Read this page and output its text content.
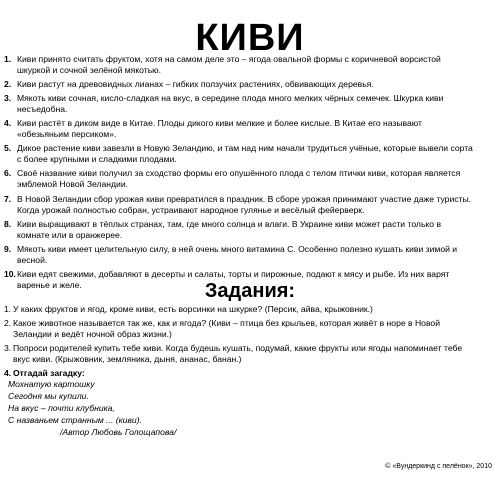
КИВИ
1. Киви принято считать фруктом, хотя на самом деле это – ягода овальной формы с коричневой ворсистой шкуркой и сочной зелёной мякотью.
2. Киви растут на древовидных лианах – гибких ползучих растениях, обвивающих деревья.
3. Мякоть киви сочная, кисло-сладкая на вкус, в середине плода много мелких чёрных семечек. Шкурка киви несъедобна.
4. Киви растёт в диком виде в Китае. Плоды дикого киви мелкие и более кислые. В Китае его называют «обезьяньим персиком».
5. Дикое растение киви завезли в Новую Зеландию, и там над ним начали трудиться учёные, которые вывели сорта с более крупными и сладкими плодами.
6. Своё название киви получил за сходство формы его опушённого плода с телом птички киви, которая является эмблемой Новой Зеландии.
7. В Новой Зеландии сбор урожая киви превратился в праздник. В сборе урожая принимают участие даже туристы. Когда урожай полностью собран, устраивают народное гулянье и весёлый фейерверк.
8. Киви выращивают в тёплых странах, там, где много солнца и влаги. В Украине киви может расти только в комнате или в оранжерее.
9. Мякоть киви имеет целительную силу, в ней очень много витамина С. Особенно полезно кушать киви зимой и весной.
10. Киви едят свежими, добавляют в десерты и салаты, торты и пирожные, подают к мясу и рыбе. Из них варят варенье и желе.	Задания:
1. У каких фруктов и ягод, кроме киви, есть ворсинки на шкурке? (Персик, айва, крыжовник.)
2. Какое животное называется так же, как и ягода? (Киви – птица без крыльев, которая живёт в норе в Новой Зеландии и ведёт ночной образ жизни.)
3. Попроси родителей купить тебе киви. Когда будешь кушать, подумай, какие фрукты или ягоды напоминает тебе вкус киви. (Крыжовник, земляника, дыня, ананас, банан.)
4. Отгадай загадку:
Мохнатую картошку
Сегодня мы купили.
На вкус – почти клубника,
С названьем странным ... (киви).
/Автор Любовь Голощапова/
© «Вундеркинд с пелёнок», 2010
